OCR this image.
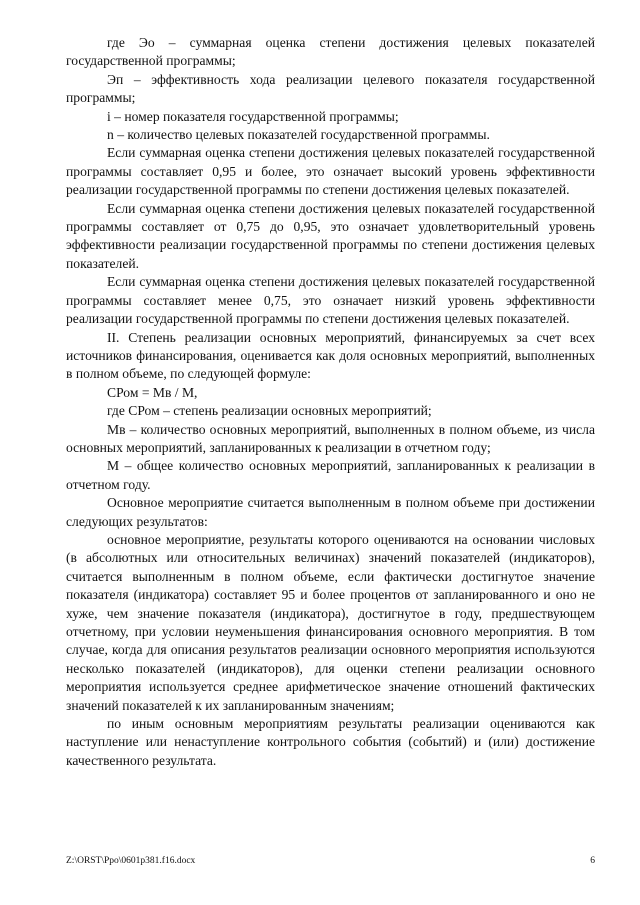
где Эо – суммарная оценка степени достижения целевых показателей государственной программы;

Эп – эффективность хода реализации целевого показателя государственной программы;

i – номер показателя государственной программы;

n – количество целевых показателей государственной программы.

Если суммарная оценка степени достижения целевых показателей государственной программы составляет 0,95 и более, это означает высокий уровень эффективности реализации государственной программы по степени достижения целевых показателей.

Если суммарная оценка степени достижения целевых показателей государственной программы составляет от 0,75 до 0,95, это означает удовлетворительный уровень эффективности реализации государственной программы по степени достижения целевых показателей.

Если суммарная оценка степени достижения целевых показателей государственной программы составляет менее 0,75, это означает низкий уровень эффективности реализации государственной программы по степени достижения целевых показателей.

II. Степень реализации основных мероприятий, финансируемых за счет всех источников финансирования, оценивается как доля основных мероприятий, выполненных в полном объеме, по следующей формуле:

СРом = Мв / М,

где СРом – степень реализации основных мероприятий;

Мв – количество основных мероприятий, выполненных в полном объеме, из числа основных мероприятий, запланированных к реализации в отчетном году;

М – общее количество основных мероприятий, запланированных к реализации в отчетном году.

Основное мероприятие считается выполненным в полном объеме при достижении следующих результатов:

основное мероприятие, результаты которого оцениваются на основании числовых (в абсолютных или относительных величинах) значений показателей (индикаторов), считается выполненным в полном объеме, если фактически достигнутое значение показателя (индикатора) составляет 95 и более процентов от запланированного и оно не хуже, чем значение показателя (индикатора), достигнутое в году, предшествующем отчетному, при условии неуменьшения финансирования основного мероприятия. В том случае, когда для описания результатов реализации основного мероприятия используются несколько показателей (индикаторов), для оценки степени реализации основного мероприятия используется среднее арифметическое значение отношений фактических значений показателей к их запланированным значениям;

по иным основным мероприятиям результаты реализации оцениваются как наступление или ненаступление контрольного события (событий) и (или) достижение качественного результата.

Z:\ORST\Ppo\0601p381.f16.docx	6
